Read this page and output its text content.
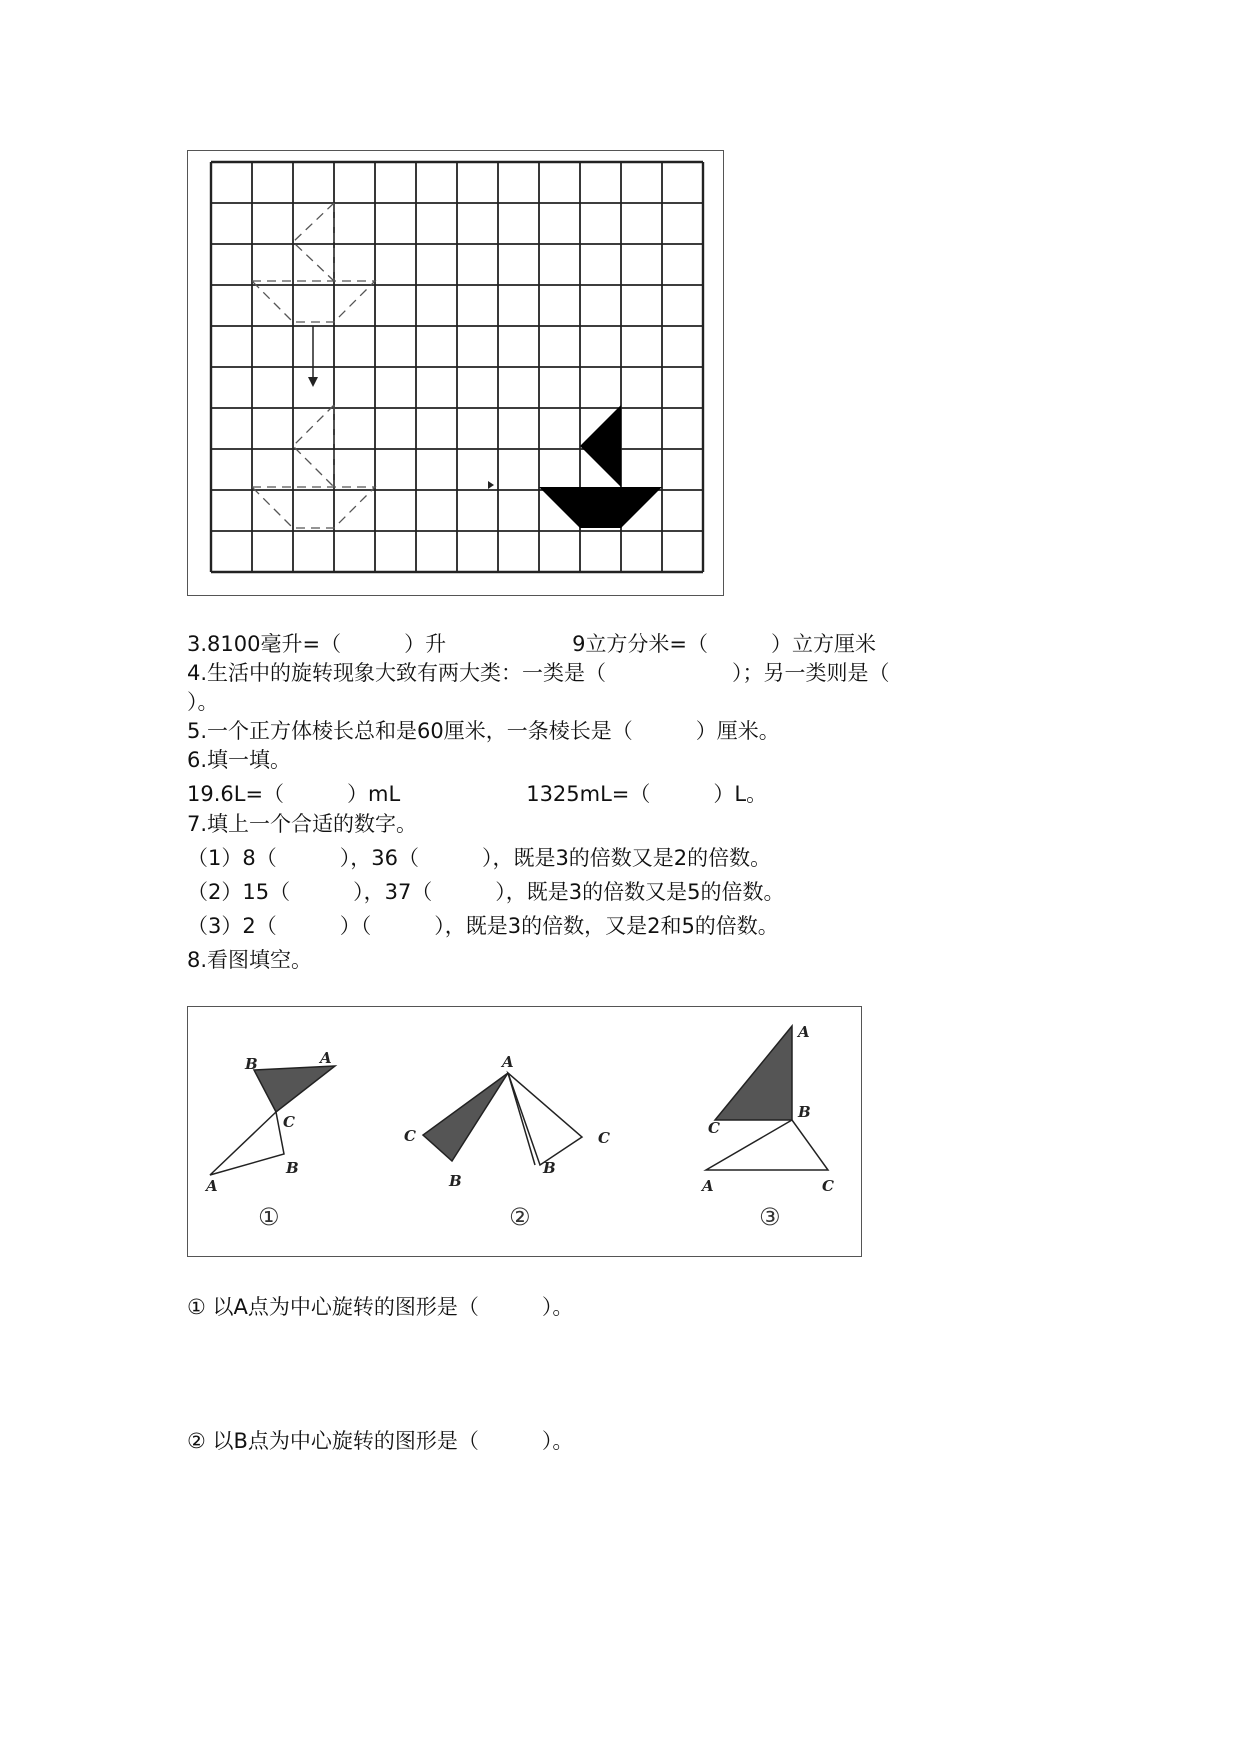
3.8100毫升=（　　　）升　　　　　　9立方分米=（　　　）立方厘米
4.生活中的旋转现象大致有两大类：一类是（　　　　　　）；另一类则是（
）。
5.一个正方体棱长总和是60厘米，一条棱长是（　　　）厘米。
6.填一填。
19.6L=（　　　）mL　　　　　　1325mL=（　　　）L。
7.填上一个合适的数字。
（1）8（　　　），36（　　　），既是3的倍数又是2的倍数。
（2）15（　　　），37（　　　），既是3的倍数又是5的倍数。
（3）2（　　　）（　　　），既是3的倍数，又是2和5的倍数。
8.看图填空。
A
B
C
A
B
A
C
B
B
C
A
C
B
A	C
①	②	③
① 以A点为中心旋转的图形是（　　　）。
② 以B点为中心旋转的图形是（　　　）。
